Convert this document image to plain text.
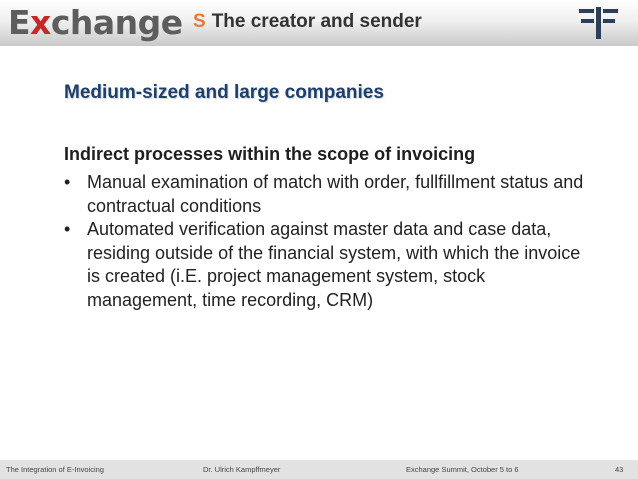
Exchange S The creator and sender
Medium-sized and large companies
Indirect processes within the scope of invoicing
• Manual examination of match with order, fullfillment status and contractual conditions
• Automated verification against master data and case data, residing outside of the financial system, with which the invoice is created (i.E. project management system, stock management, time recording, CRM)
The Integration of E-Invoicing	Dr. Ulrich Kampffmeyer	Exchange Summit, October 5 to 6	43
